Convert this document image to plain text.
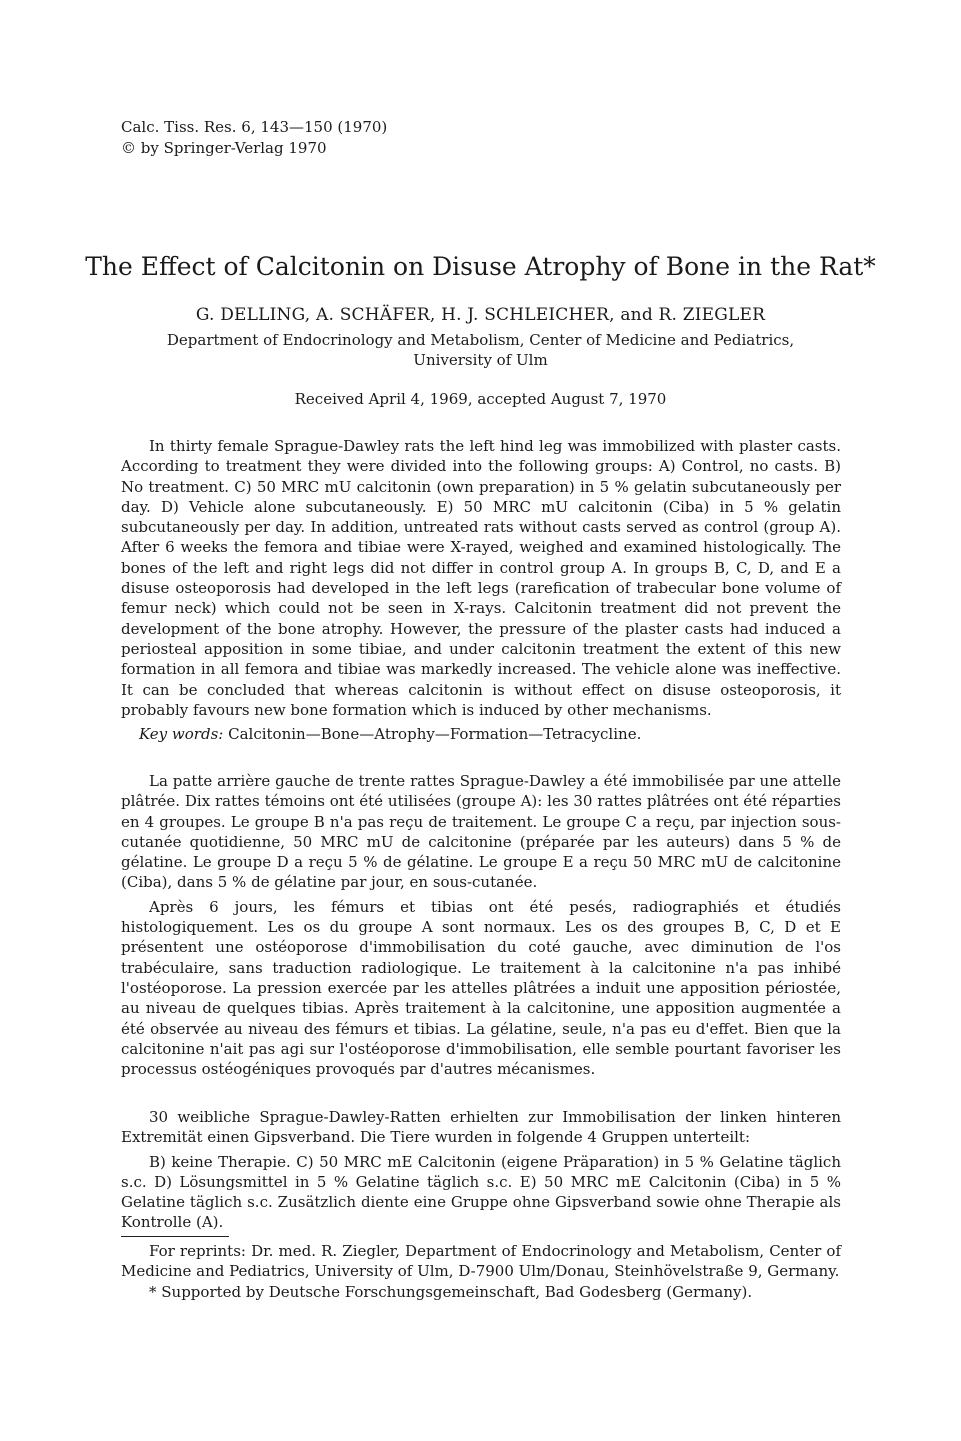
Calc. Tiss. Res. 6, 143—150 (1970)
© by Springer-Verlag 1970
The Effect of Calcitonin on Disuse Atrophy of Bone in the Rat*
G. DELLING, A. SCHÄFER, H. J. SCHLEICHER, and R. ZIEGLER
Department of Endocrinology and Metabolism, Center of Medicine and Pediatrics,
University of Ulm
Received April 4, 1969, accepted August 7, 1970

In thirty female Sprague-Dawley rats the left hind leg was immobilized with plaster casts. According to treatment they were divided into the following groups: A) Control, no casts. B) No treatment. C) 50 MRC mU calcitonin (own preparation) in 5 % gelatin subcutaneously per day. D) Vehicle alone subcutaneously. E) 50 MRC mU calcitonin (Ciba) in 5 % gelatin subcutaneously per day. In addition, untreated rats without casts served as control (group A). After 6 weeks the femora and tibiae were X-rayed, weighed and examined histologically. The bones of the left and right legs did not differ in control group A. In groups B, C, D, and E a disuse osteoporosis had developed in the left legs (rarefication of trabecular bone volume of femur neck) which could not be seen in X-rays. Calcitonin treatment did not prevent the development of the bone atrophy. However, the pressure of the plaster casts had induced a periosteal apposition in some tibiae, and under calcitonin treatment the extent of this new formation in all femora and tibiae was markedly increased. The vehicle alone was ineffective. It can be concluded that whereas calcitonin is without effect on disuse osteoporosis, it probably favours new bone formation which is induced by other mechanisms.

Key words: Calcitonin—Bone—Atrophy—Formation—Tetracycline.

La patte arrière gauche de trente rattes Sprague-Dawley a été immobilisée par une attelle plâtrée. Dix rattes témoins ont été utilisées (groupe A): les 30 rattes plâtrées ont été réparties en 4 groupes. Le groupe B n'a pas reçu de traitement. Le groupe C a reçu, par injection sous-cutanée quotidienne, 50 MRC mU de calcitonine (préparée par les auteurs) dans 5 % de gélatine. Le groupe D a reçu 5 % de gélatine. Le groupe E a reçu 50 MRC mU de calcitonine (Ciba), dans 5 % de gélatine par jour, en sous-cutanée.

Après 6 jours, les fémurs et tibias ont été pesés, radiographiés et étudiés histologiquement. Les os du groupe A sont normaux. Les os des groupes B, C, D et E présentent une ostéoporose d'immobilisation du coté gauche, avec diminution de l'os trabéculaire, sans traduction radiologique. Le traitement à la calcitonine n'a pas inhibé l'ostéoporose. La pression exercée par les attelles plâtrées a induit une apposition périostée, au niveau de quelques tibias. Après traitement à la calcitonine, une apposition augmentée a été observée au niveau des fémurs et tibias. La gélatine, seule, n'a pas eu d'effet. Bien que la calcitonine n'ait pas agi sur l'ostéoporose d'immobilisation, elle semble pourtant favoriser les processus ostéogéniques provoqués par d'autres mécanismes.

30 weibliche Sprague-Dawley-Ratten erhielten zur Immobilisation der linken hinteren Extremität einen Gipsverband. Die Tiere wurden in folgende 4 Gruppen unterteilt:

B) keine Therapie. C) 50 MRC mE Calcitonin (eigene Präparation) in 5 % Gelatine täglich s.c. D) Lösungsmittel in 5 % Gelatine täglich s.c. E) 50 MRC mE Calcitonin (Ciba) in 5 % Gelatine täglich s.c. Zusätzlich diente eine Gruppe ohne Gipsverband sowie ohne Therapie als Kontrolle (A).

For reprints: Dr. med. R. Ziegler, Department of Endocrinology and Metabolism, Center of Medicine and Pediatrics, University of Ulm, D-7900 Ulm/Donau, Steinhövelstraße 9, Germany.

* Supported by Deutsche Forschungsgemeinschaft, Bad Godesberg (Germany).
